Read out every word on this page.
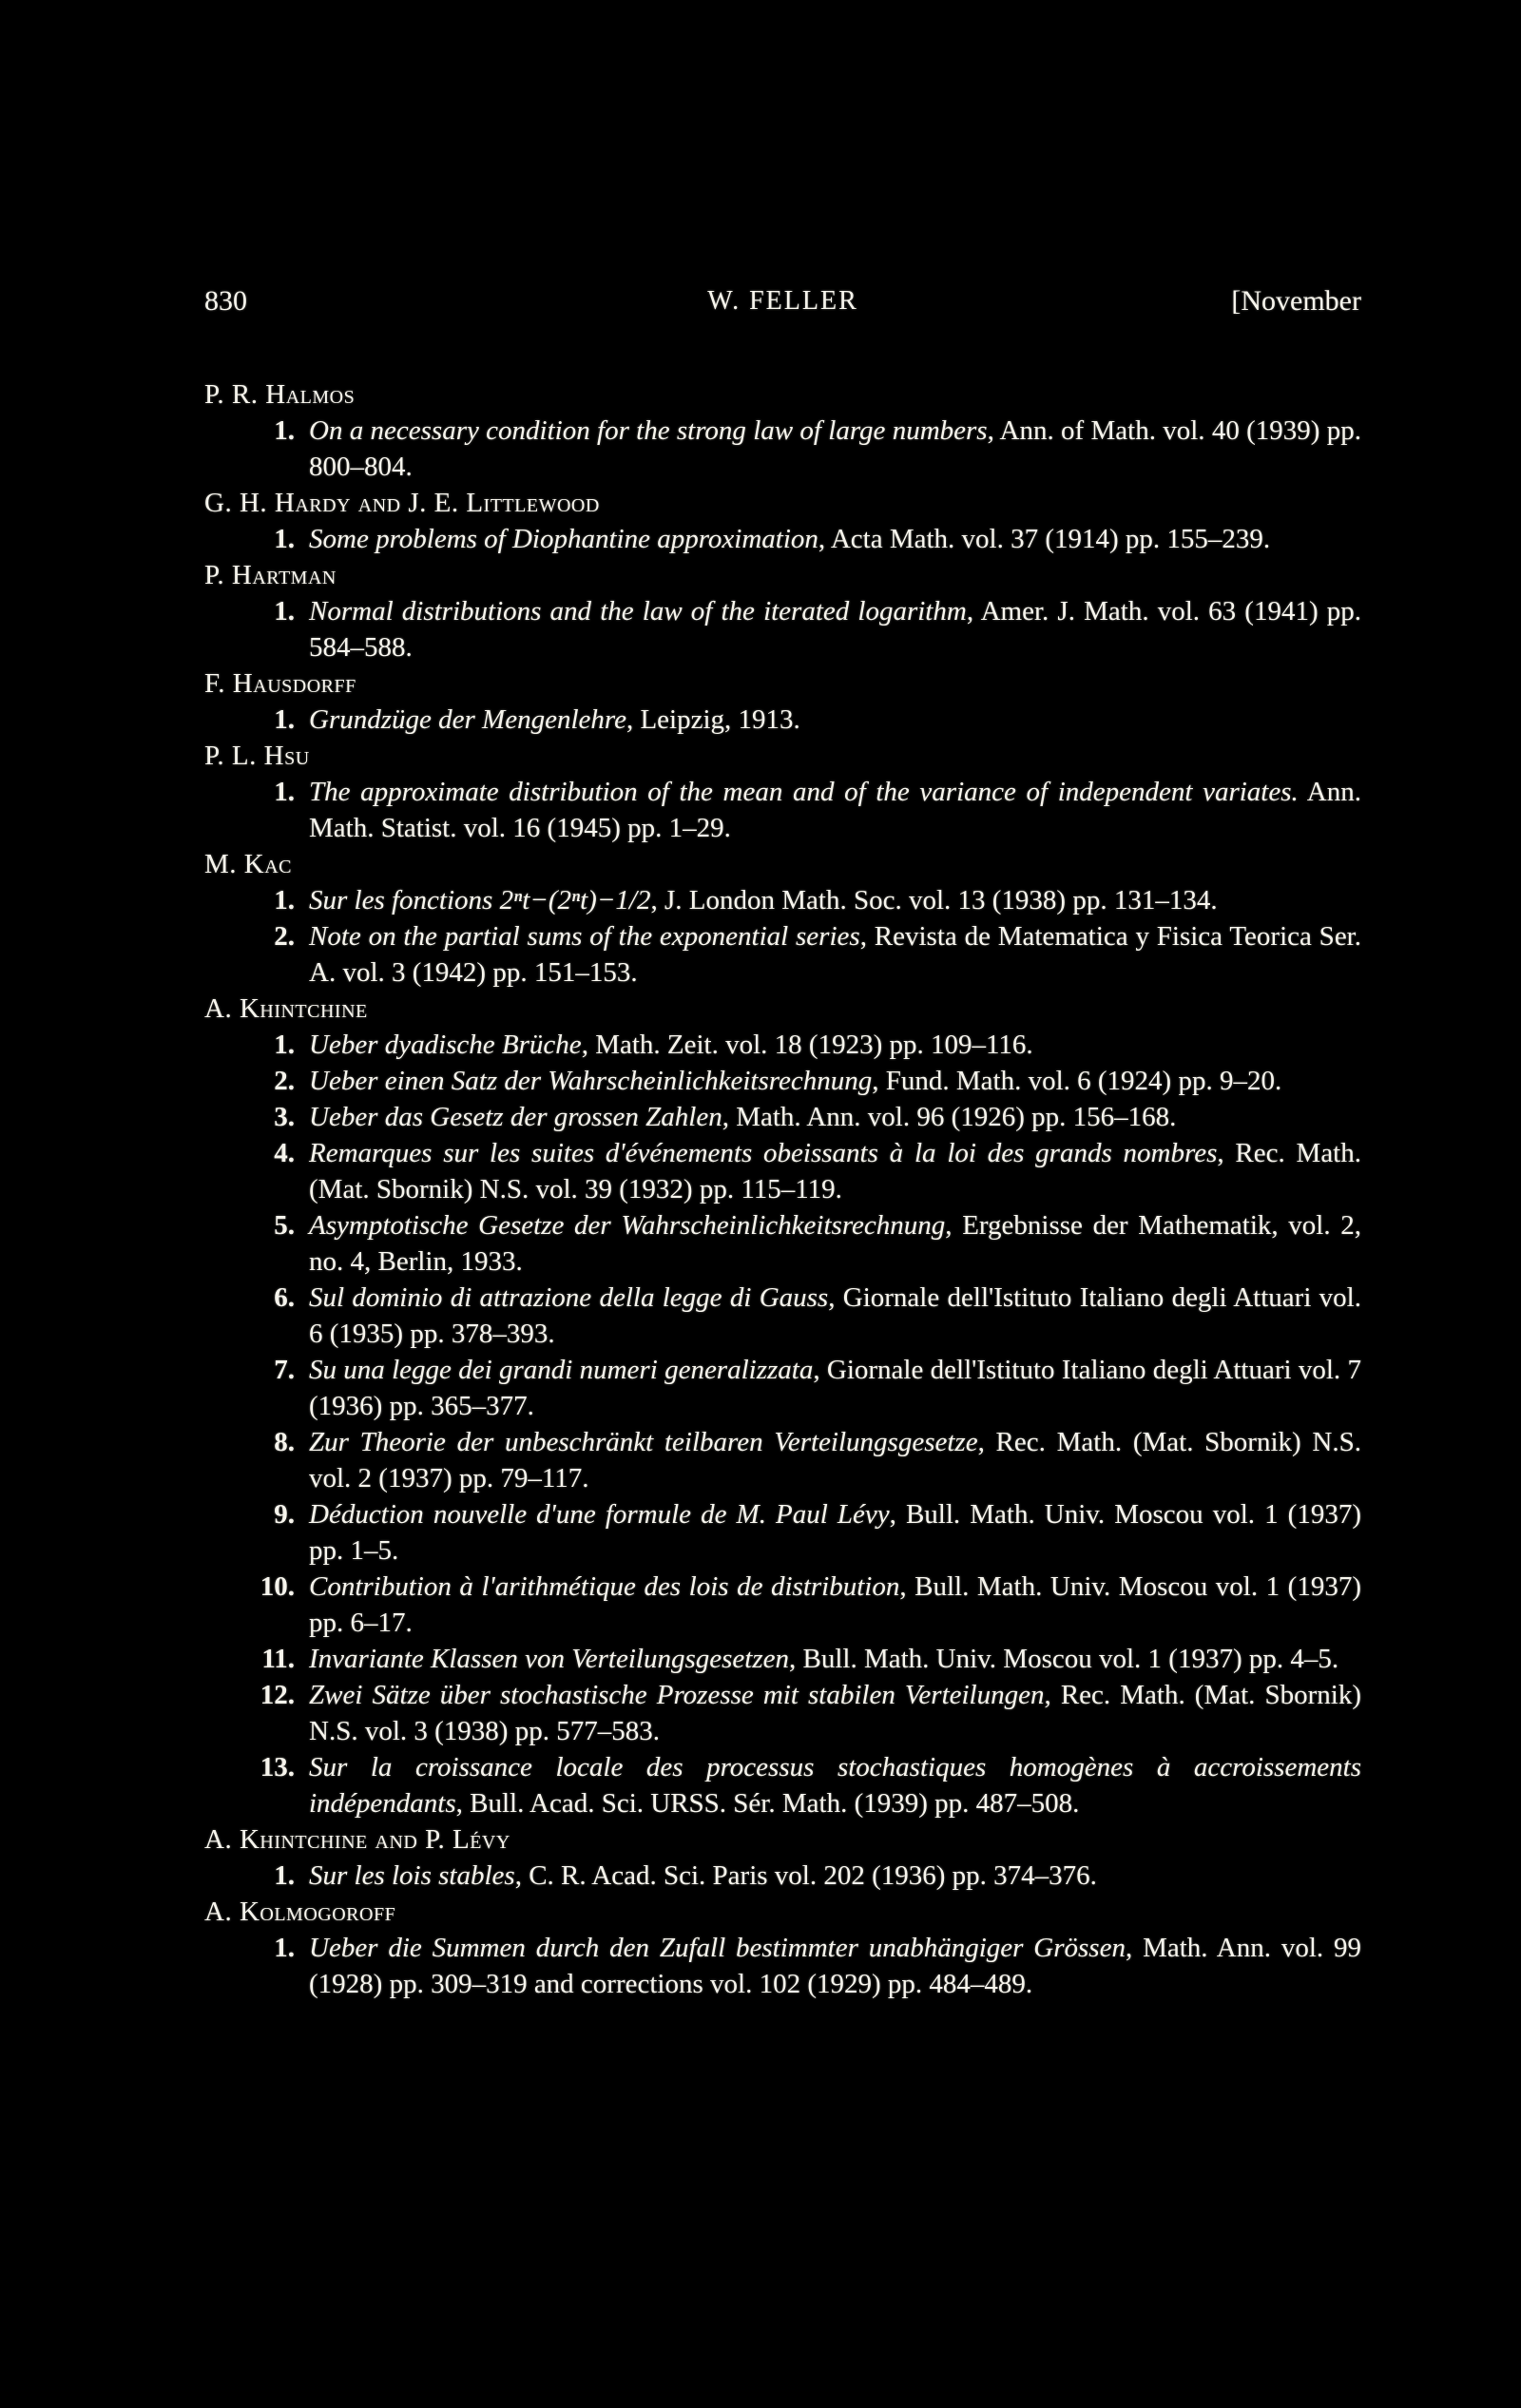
830	W. FELLER	[November
P. R. Halmos
1. On a necessary condition for the strong law of large numbers, Ann. of Math. vol. 40 (1939) pp. 800–804.
G. H. Hardy and J. E. Littlewood
1. Some problems of Diophantine approximation, Acta Math. vol. 37 (1914) pp. 155–239.
P. Hartman
1. Normal distributions and the law of the iterated logarithm, Amer. J. Math. vol. 63 (1941) pp. 584–588.
F. Hausdorff
1. Grundzüge der Mengenlehre, Leipzig, 1913.
P. L. Hsu
1. The approximate distribution of the mean and of the variance of independent variates. Ann. Math. Statist. vol. 16 (1945) pp. 1–29.
M. Kac
1. Sur les fonctions 2ⁿt−(2ⁿt)−1/2, J. London Math. Soc. vol. 13 (1938) pp. 131–134.
2. Note on the partial sums of the exponential series, Revista de Matematica y Fisica Teorica Ser. A. vol. 3 (1942) pp. 151–153.
A. Khintchine
1. Ueber dyadische Brüche, Math. Zeit. vol. 18 (1923) pp. 109–116.
2. Ueber einen Satz der Wahrscheinlichkeitsrechnung, Fund. Math. vol. 6 (1924) pp. 9–20.
3. Ueber das Gesetz der grossen Zahlen, Math. Ann. vol. 96 (1926) pp. 156–168.
4. Remarques sur les suites d'événements obeissants à la loi des grands nombres, Rec. Math. (Mat. Sbornik) N.S. vol. 39 (1932) pp. 115–119.
5. Asymptotische Gesetze der Wahrscheinlichkeitsrechnung, Ergebnisse der Mathematik, vol. 2, no. 4, Berlin, 1933.
6. Sul dominio di attrazione della legge di Gauss, Giornale dell'Istituto Italiano degli Attuari vol. 6 (1935) pp. 378–393.
7. Su una legge dei grandi numeri generalizzata, Giornale dell'Istituto Italiano degli Attuari vol. 7 (1936) pp. 365–377.
8. Zur Theorie der unbeschränkt teilbaren Verteilungsgesetze, Rec. Math. (Mat. Sbornik) N.S. vol. 2 (1937) pp. 79–117.
9. Déduction nouvelle d'une formule de M. Paul Lévy, Bull. Math. Univ. Moscou vol. 1 (1937) pp. 1–5.
10. Contribution à l'arithmétique des lois de distribution, Bull. Math. Univ. Moscou vol. 1 (1937) pp. 6–17.
11. Invariante Klassen von Verteilungsgesetzen, Bull. Math. Univ. Moscou vol. 1 (1937) pp. 4–5.
12. Zwei Sätze über stochastische Prozesse mit stabilen Verteilungen, Rec. Math. (Mat. Sbornik) N.S. vol. 3 (1938) pp. 577–583.
13. Sur la croissance locale des processus stochastiques homogènes à accroissements indépendants, Bull. Acad. Sci. URSS. Sér. Math. (1939) pp. 487–508.
A. Khintchine and P. Lévy
1. Sur les lois stables, C. R. Acad. Sci. Paris vol. 202 (1936) pp. 374–376.
A. Kolmogoroff
1. Ueber die Summen durch den Zufall bestimmter unabhängiger Grössen, Math. Ann. vol. 99 (1928) pp. 309–319 and corrections vol. 102 (1929) pp. 484–489.
